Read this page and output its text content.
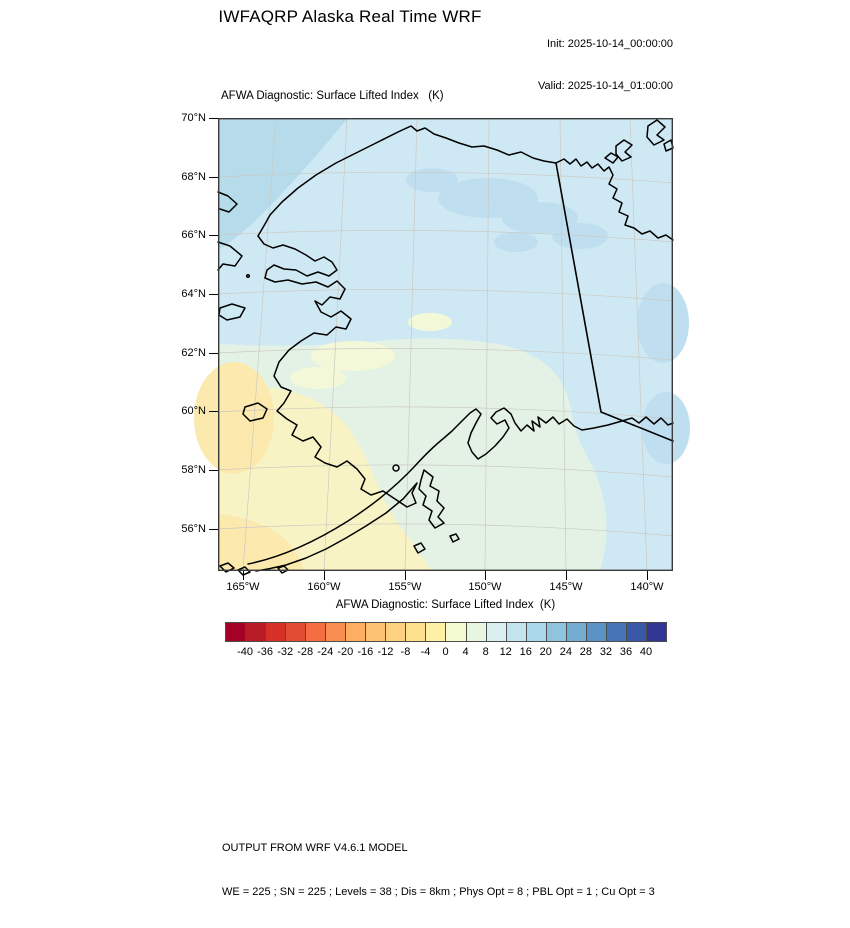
IWFAQRP Alaska Real Time WRF

Init: 2025-10-14_00:00:00

Valid: 2025-10-14_01:00:00

AFWA Diagnostic: Surface Lifted Index   (K)
AFWA Diagnostic: Surface Lifted Index  (K)
-40 -36 -32 -28 -24 -20 -16 -12 -8 -4	0	4	8 12 16 20 24 28 32 36 40
70°N
68°N
66°N
64°N
62°N
60°N
58°N
56°N
165°W	160°W	155°W	150°W	145°W	140°W

OUTPUT FROM WRF V4.6.1 MODEL

WE = 225 ; SN = 225 ; Levels = 38 ; Dis = 8km ; Phys Opt = 8 ; PBL Opt = 1 ; Cu Opt = 3
